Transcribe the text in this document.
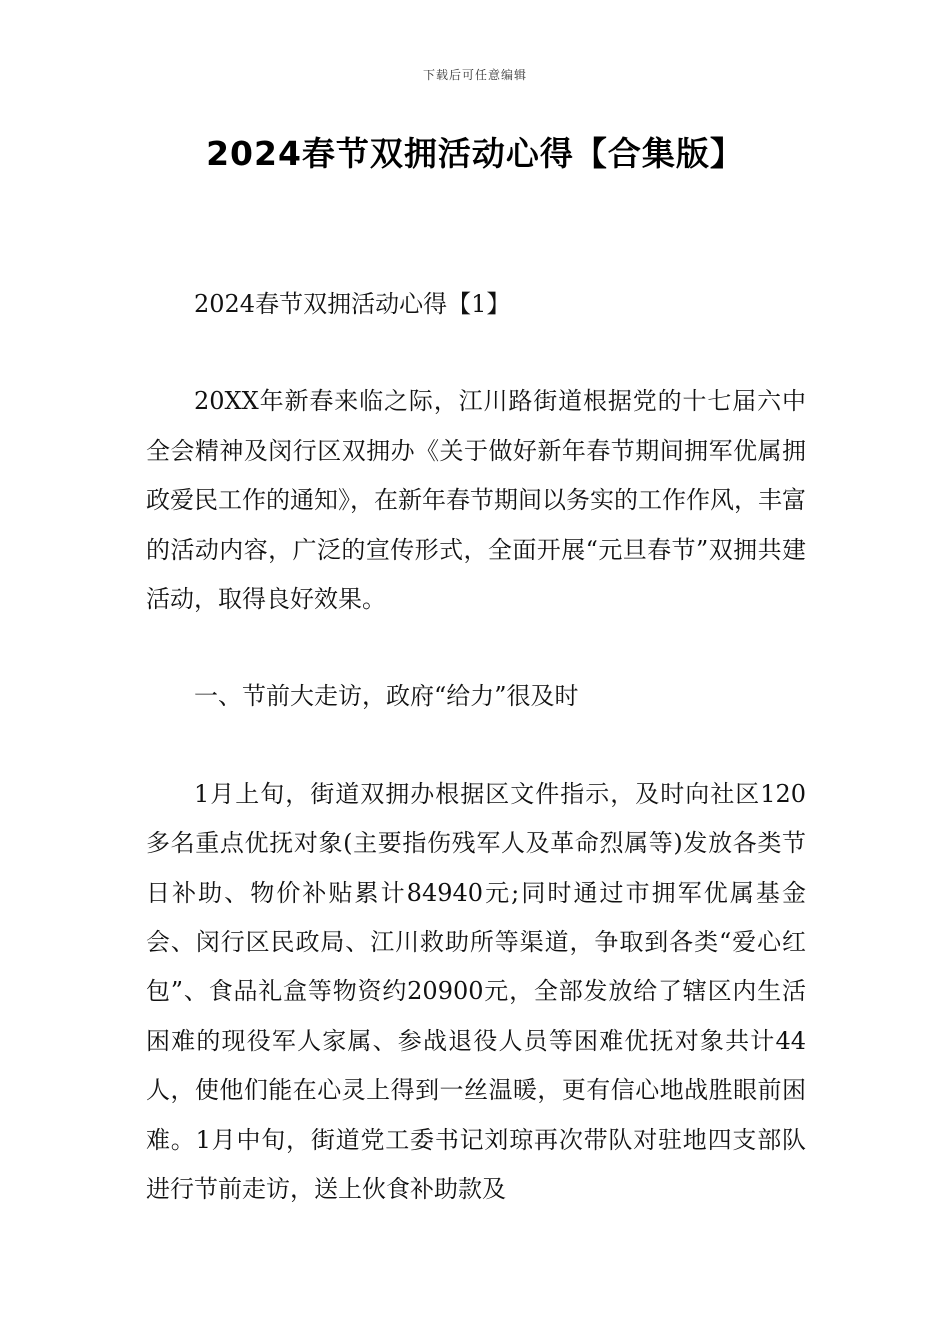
下载后可任意编辑
2024春节双拥活动心得【合集版】

2024春节双拥活动心得【1】

20XX年新春来临之际，江川路街道根据党的十七届六中全会精神及闵行区双拥办《关于做好新年春节期间拥军优属拥政爱民工作的通知》，在新年春节期间以务实的工作作风，丰富的活动内容，广泛的宣传形式，全面开展“元旦春节”双拥共建活动，取得良好效果。

一、节前大走访，政府“给力”很及时

1月上旬，街道双拥办根据区文件指示，及时向社区120多名重点优抚对象(主要指伤残军人及革命烈属等)发放各类节日补助、物价补贴累计84940元;同时通过市拥军优属基金会、闵行区民政局、江川救助所等渠道，争取到各类“爱心红包”、食品礼盒等物资约20900元，全部发放给了辖区内生活困难的现役军人家属、参战退役人员等困难优抚对象共计44人，使他们能在心灵上得到一丝温暖，更有信心地战胜眼前困难。1月中旬，街道党工委书记刘琼再次带队对驻地四支部队进行节前走访，送上伙食补助款及
